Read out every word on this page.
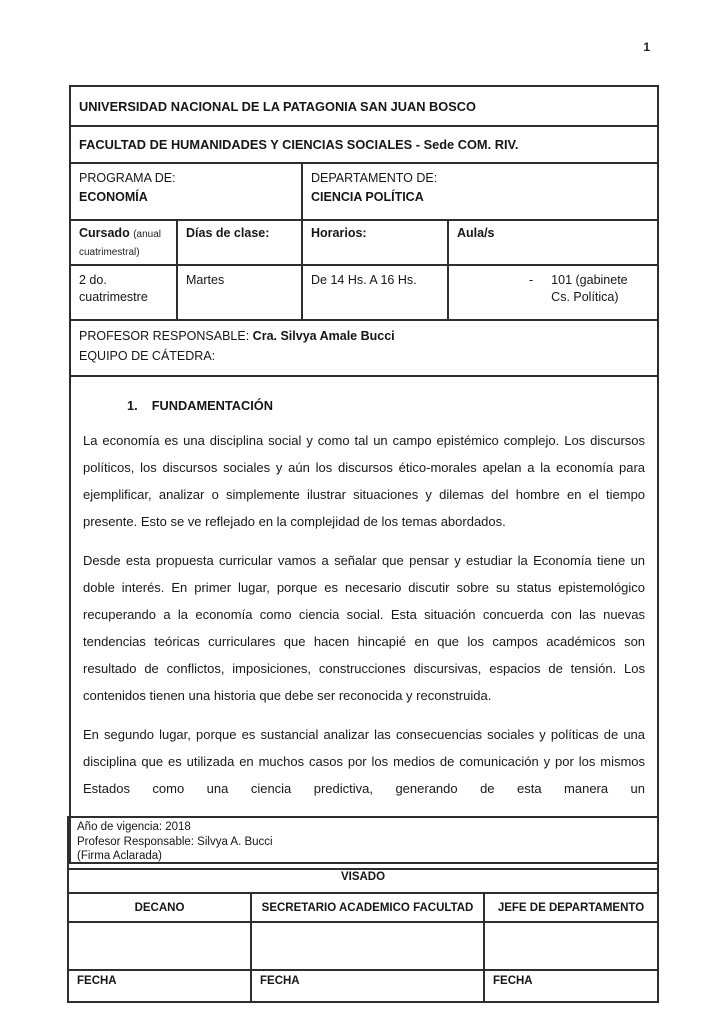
1
UNIVERSIDAD NACIONAL DE LA PATAGONIA SAN JUAN BOSCO			
FACULTAD DE HUMANIDADES Y CIENCIAS SOCIALES - Sede COM. RIV.			

PROGRAMA DE:
ECONOMÍA

DEPARTAMENTO DE:
CIENCIA POLÍTICA

Cursado (anual cuatrimestral)	Días de clase:	Horarios:	Aula/s
2 do. cuatrimestre	Martes	De 14 Hs. A 16 Hs.	- 101 (gabinete Cs. Política)

PROFESOR RESPONSABLE: Cra. Silvya Amale Bucci
EQUIPO DE CÁTEDRA:			

1. FUNDAMENTACIÓN

La economía es una disciplina social y como tal un campo epistémico complejo. Los discursos políticos, los discursos sociales y aún los discursos ético-morales apelan a la economía para ejemplificar, analizar o simplemente ilustrar situaciones y dilemas del hombre en el tiempo presente. Esto se ve reflejado en la complejidad de los temas abordados.

Desde esta propuesta curricular vamos a señalar que pensar y estudiar la Economía tiene un doble interés. En primer lugar, porque es necesario discutir sobre su status epistemológico recuperando a la economía como ciencia social. Esta situación concuerda con las nuevas tendencias teóricas curriculares que hacen hincapié en que los campos académicos son resultado de conflictos, imposiciones, construcciones discursivas, espacios de tensión. Los contenidos tienen una historia que debe ser reconocida y reconstruida.

En segundo lugar, porque es sustancial analizar las consecuencias sociales y políticas de una disciplina que es utilizada en muchos casos por los medios de comunicación y por los mismos Estados como una ciencia predictiva, generando de esta manera un			

Año de vigencia: 2018
Profesor Responsable: Silvya A. Bucci
(Firma Aclarada)		

VISADO		
DECANO	SECRETARIO ACADEMICO FACULTAD	JEFE DE DEPARTAMENTO

FECHA	FECHA	FECHA
